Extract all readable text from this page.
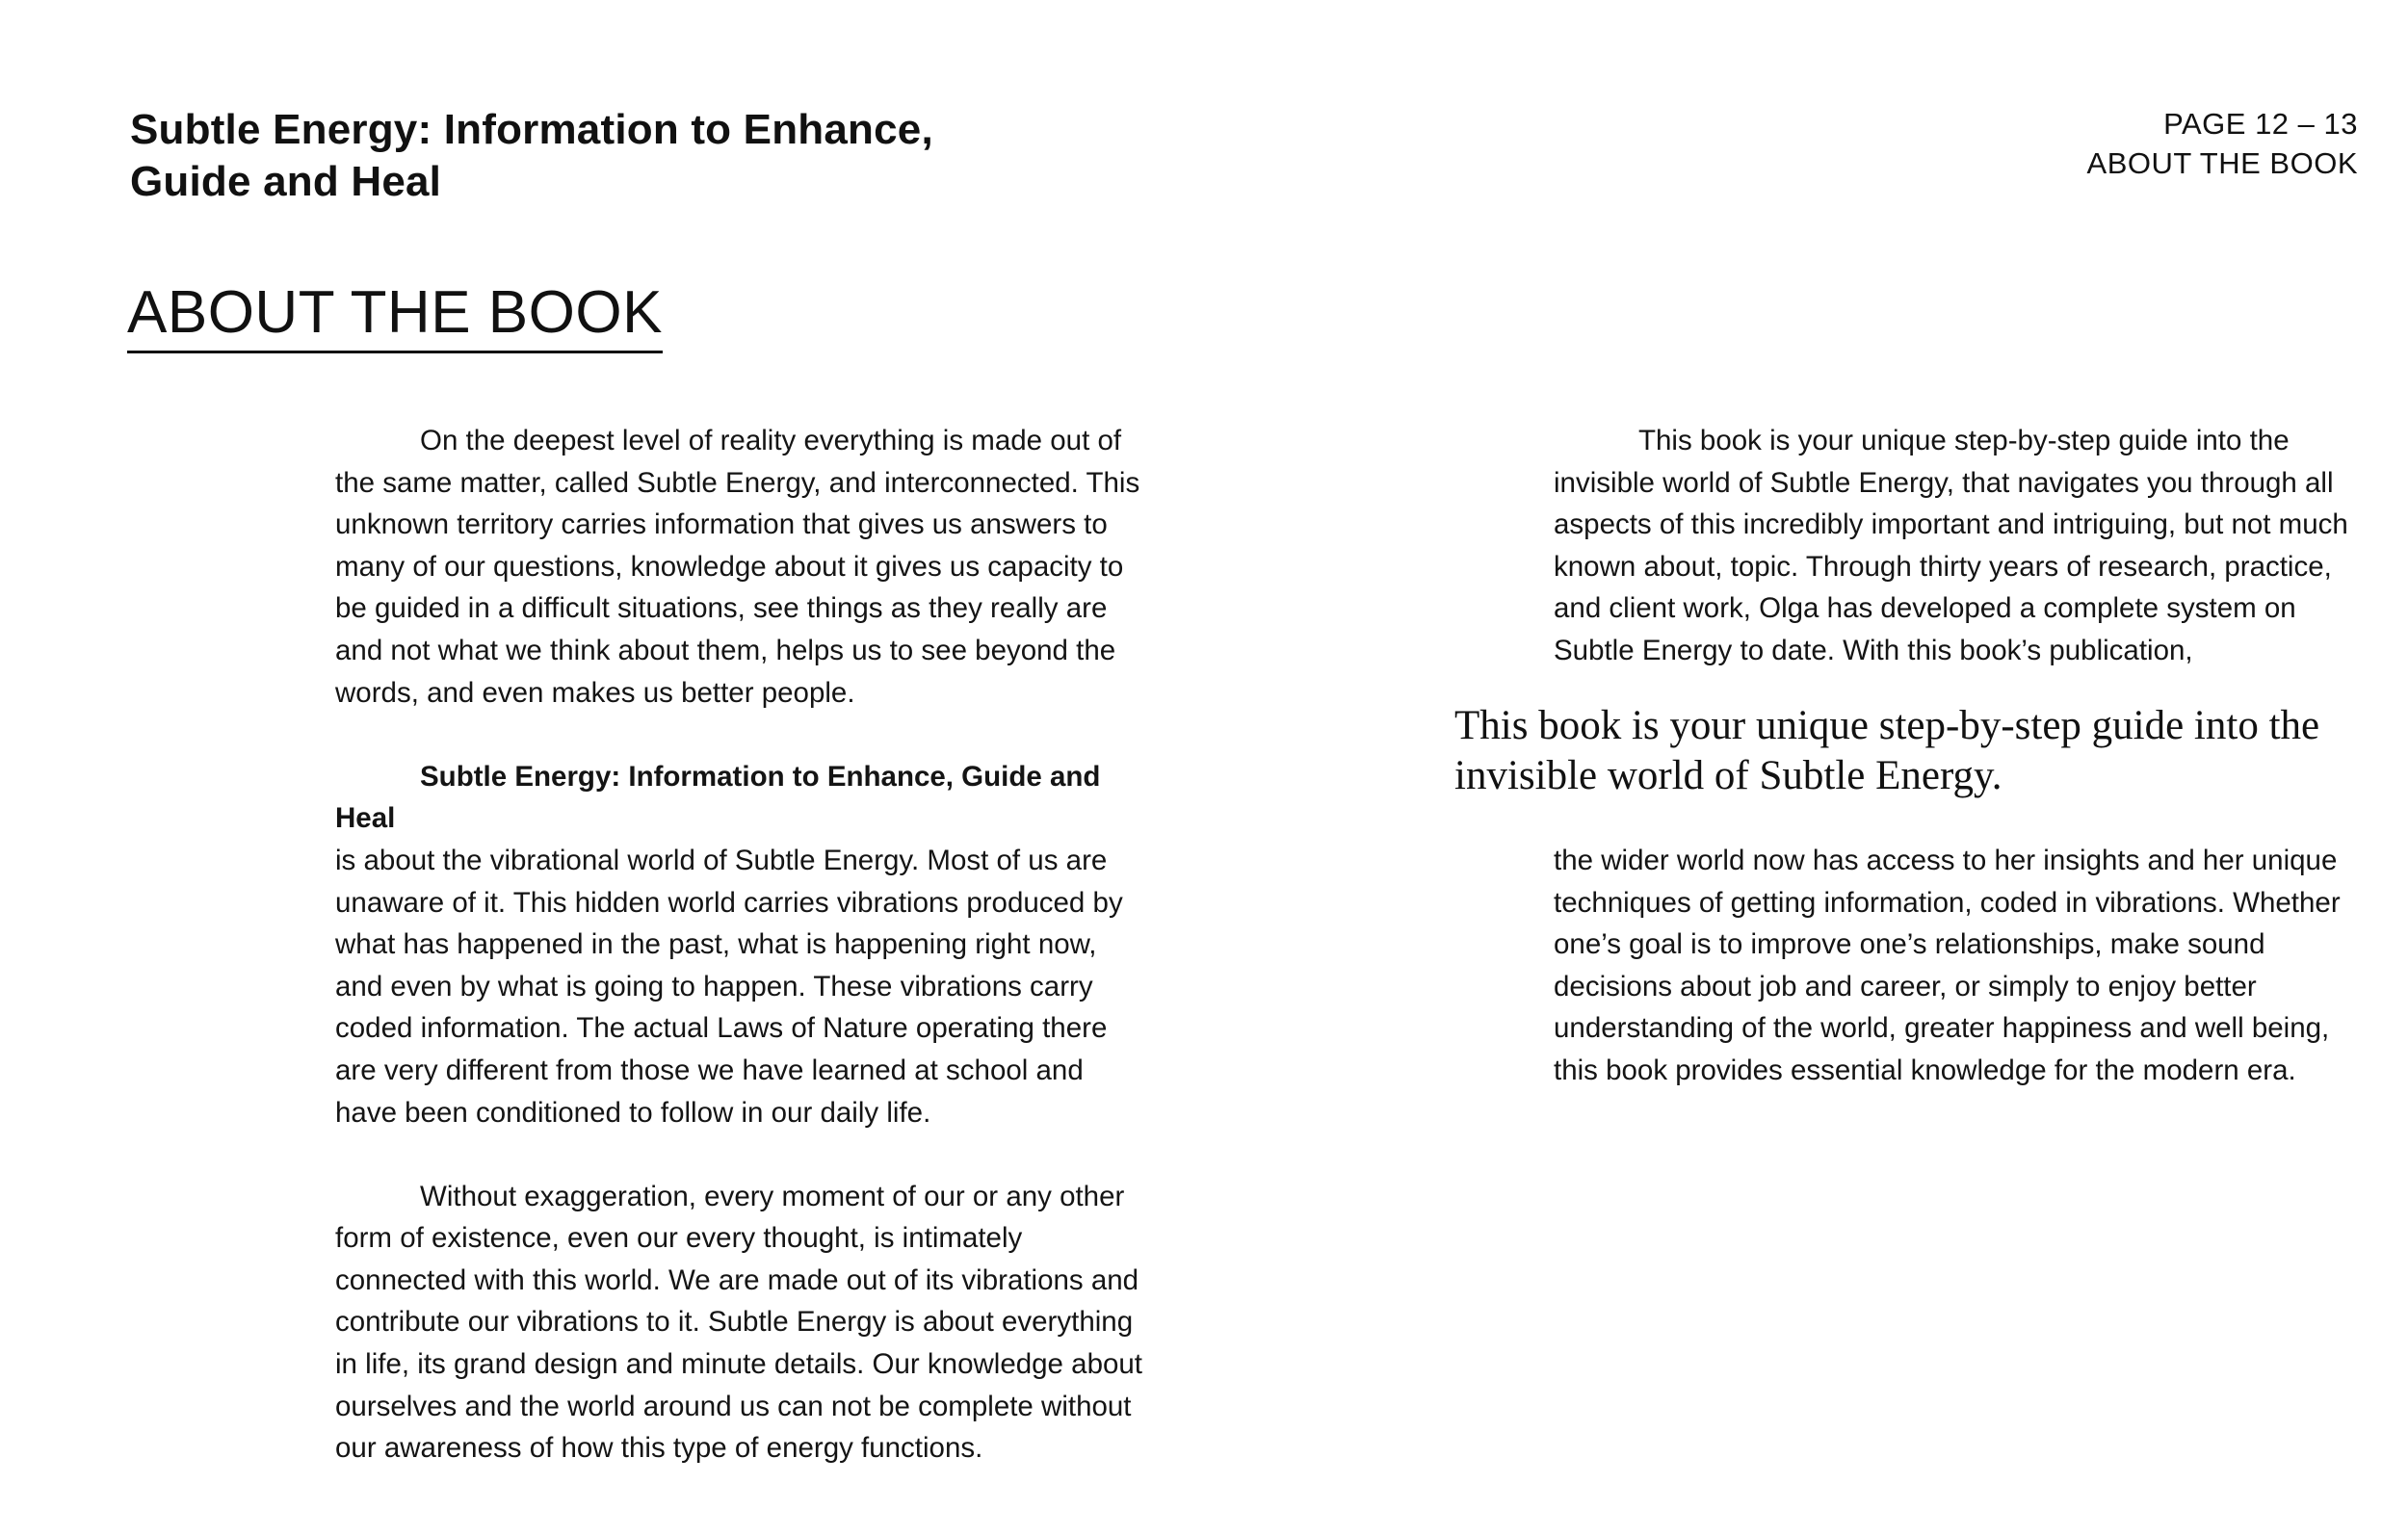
Subtle Energy: Information to Enhance, Guide and Heal
PAGE 12 – 13
ABOUT THE BOOK
ABOUT THE BOOK

On the deepest level of reality everything is made out of the same matter, called Subtle Energy, and interconnected. This unknown territory carries information that gives us answers to many of our questions, knowledge about it gives us capacity to be guided in a difficult situations, see things as they really are and not what we think about them, helps us to see beyond the words, and even makes us better people.

Subtle Energy: Information to Enhance, Guide and Heal
is about the vibrational world of Subtle Energy. Most of us are unaware of it. This hidden world carries vibrations produced by what has happened in the past, what is happening right now, and even by what is going to happen. These vibrations carry coded information. The actual Laws of Nature operating there are very different from those we have learned at school and have been conditioned to follow in our daily life.

Without exaggeration, every moment of our or any other form of existence, even our every thought, is intimately connected with this world. We are made out of its vibrations and contribute our vibrations to it. Subtle Energy is about everything in life, its grand design and minute details. Our knowledge about ourselves and the world around us can not be complete without our awareness of how this type of energy functions.

This book is your unique step-by-step guide into the invisible world of Subtle Energy, that navigates you through all aspects of this incredibly important and intriguing, but not much known about, topic. Through thirty years of research, practice, and client work, Olga has developed a complete system on Subtle Energy to date. With this book’s publication,

This book is your unique step-by-step guide into the invisible world of Subtle Energy.

the wider world now has access to her insights and her unique techniques of getting information, coded in vibrations. Whether one’s goal is to improve one’s relationships, make sound decisions about job and career, or simply to enjoy better understanding of the world, greater happiness and well being, this book provides essential knowledge for the modern era.
